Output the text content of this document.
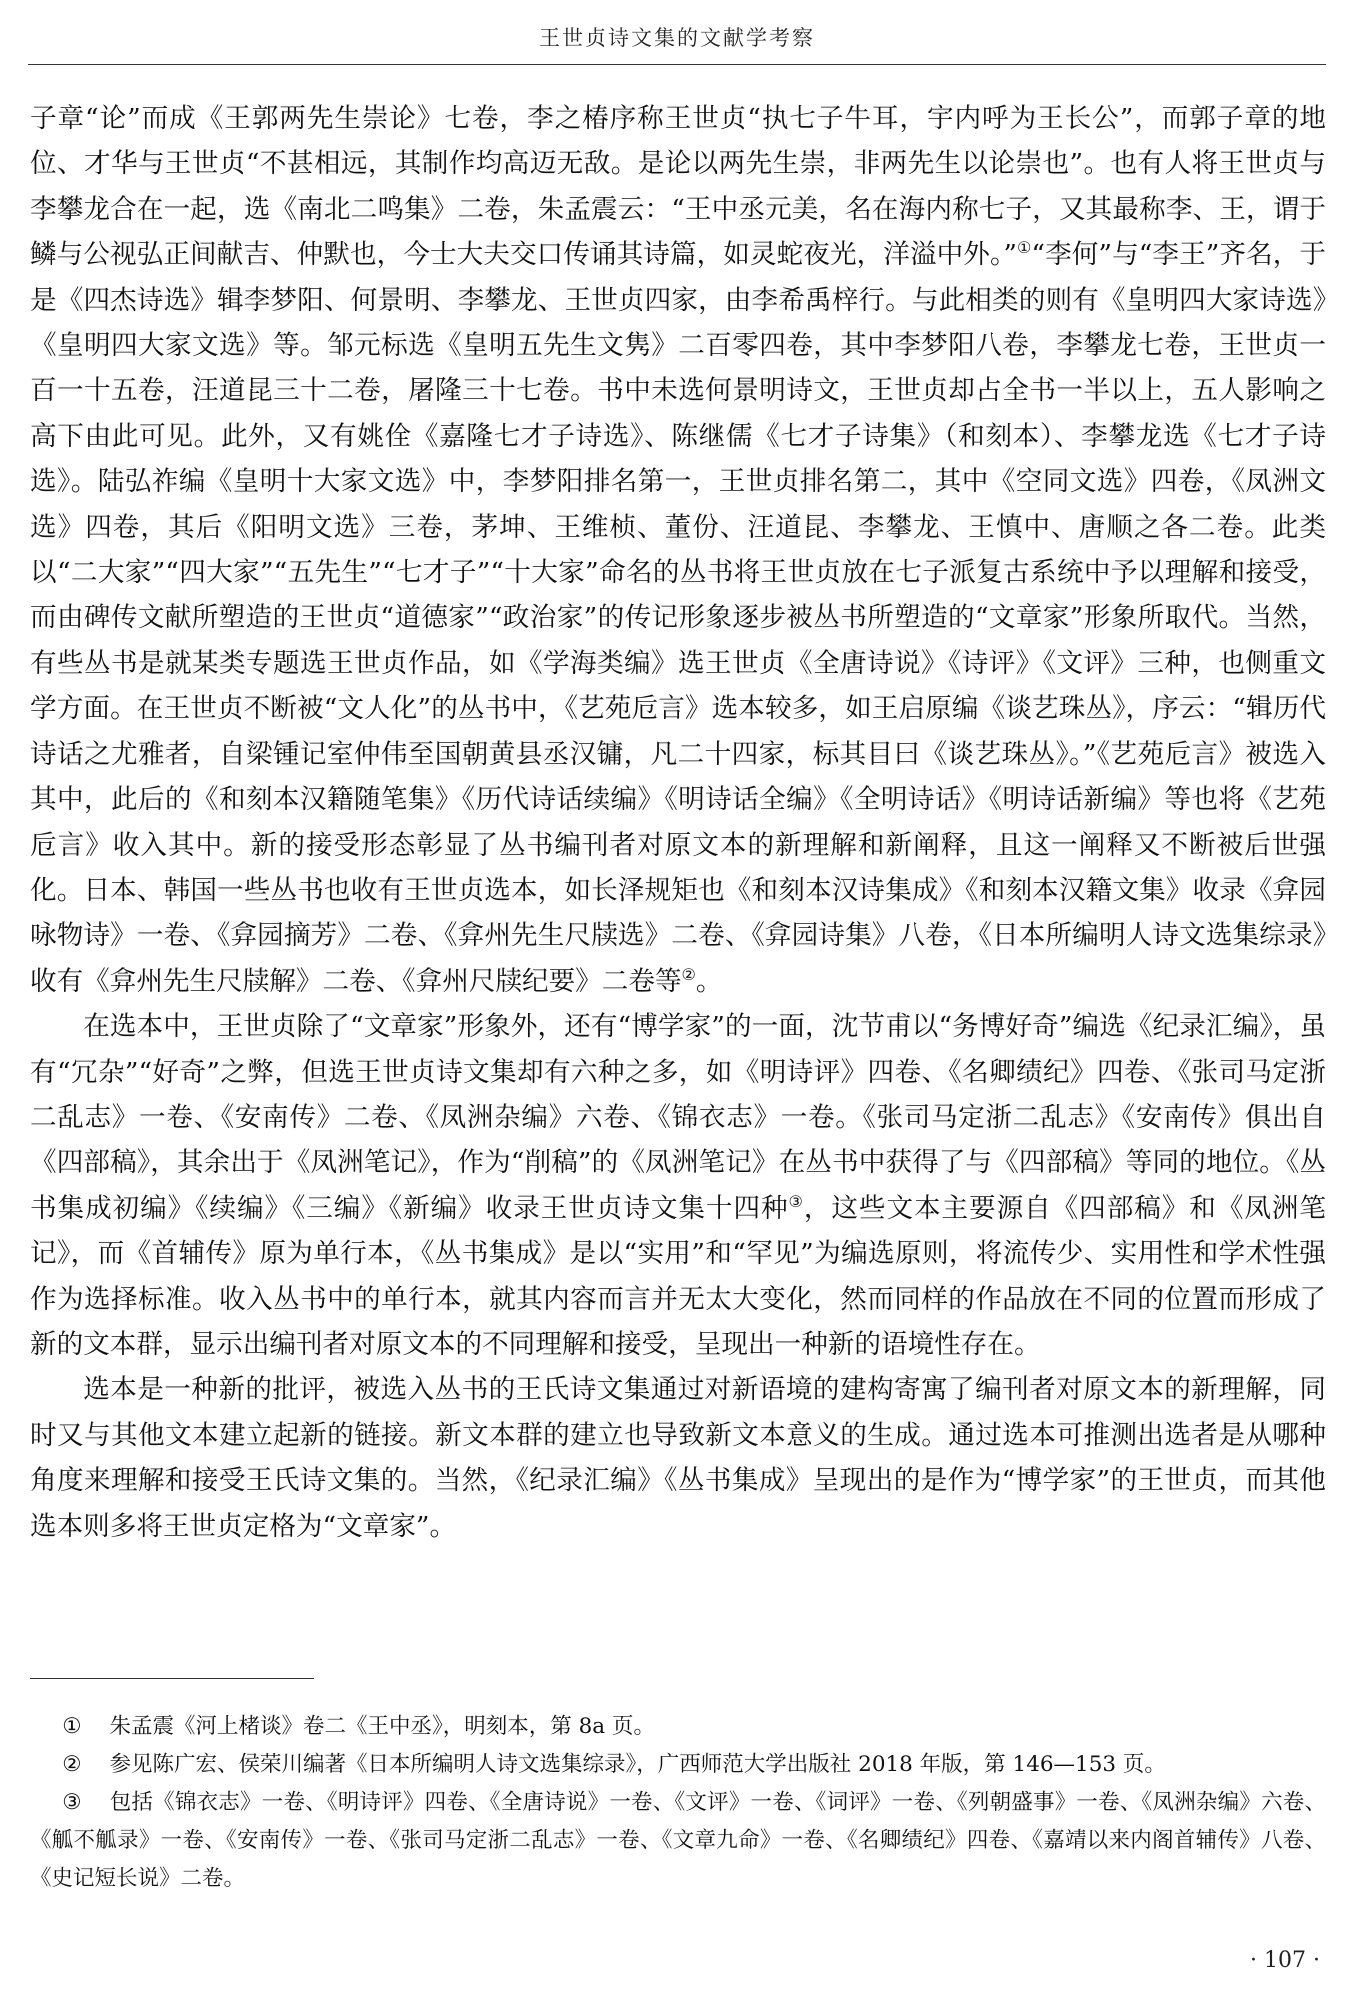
王世贞诗文集的文献学考察

子章“论”而成《王郭两先生崇论》七卷，李之椿序称王世贞“执七子牛耳，宇内呼为王长公”，而郭子章的地位、才华与王世贞“不甚相远，其制作均高迈无敌。是论以两先生崇，非两先生以论崇也”。也有人将王世贞与李攀龙合在一起，选《南北二鸣集》二卷，朱孟震云：“王中丞元美，名在海内称七子，又其最称李、王，谓于鳞与公视弘正间献吉、仲默也，今士大夫交口传诵其诗篇，如灵蛇夜光，洋溢中外。”①“李何”与“李王”齐名，于是《四杰诗选》辑李梦阳、何景明、李攀龙、王世贞四家，由李希禹梓行。与此相类的则有《皇明四大家诗选》《皇明四大家文选》等。邹元标选《皇明五先生文隽》二百零四卷，其中李梦阳八卷，李攀龙七卷，王世贞一百一十五卷，汪道昆三十二卷，屠隆三十七卷。书中未选何景明诗文，王世贞却占全书一半以上，五人影响之高下由此可见。此外，又有姚佺《嘉隆七才子诗选》、陈继儒《七才子诗集》（和刻本）、李攀龙选《七才子诗选》。陆弘祚编《皇明十大家文选》中，李梦阳排名第一，王世贞排名第二，其中《空同文选》四卷，《凤洲文选》四卷，其后《阳明文选》三卷，茅坤、王维桢、董份、汪道昆、李攀龙、王慎中、唐顺之各二卷。此类以“二大家”“四大家”“五先生”“七才子”“十大家”命名的丛书将王世贞放在七子派复古系统中予以理解和接受，而由碑传文献所塑造的王世贞“道德家”“政治家”的传记形象逐步被丛书所塑造的“文章家”形象所取代。当然，有些丛书是就某类专题选王世贞作品，如《学海类编》选王世贞《全唐诗说》《诗评》《文评》三种，也侧重文学方面。在王世贞不断被“文人化”的丛书中，《艺苑卮言》选本较多，如王启原编《谈艺珠丛》，序云：“辑历代诗话之尤雅者，自梁锺记室仲伟至国朝黄县丞汉镛，凡二十四家，标其目曰《谈艺珠丛》。”《艺苑卮言》被选入其中，此后的《和刻本汉籍随笔集》《历代诗话续编》《明诗话全编》《全明诗话》《明诗话新编》等也将《艺苑卮言》收入其中。新的接受形态彰显了丛书编刊者对原文本的新理解和新阐释，且这一阐释又不断被后世强化。日本、韩国一些丛书也收有王世贞选本，如长泽规矩也《和刻本汉诗集成》《和刻本汉籍文集》收录《弇园咏物诗》一卷、《弇园摘芳》二卷、《弇州先生尺牍选》二卷、《弇园诗集》八卷，《日本所编明人诗文选集综录》收有《弇州先生尺牍解》二卷、《弇州尺牍纪要》二卷等②。

在选本中，王世贞除了“文章家”形象外，还有“博学家”的一面，沈节甫以“务博好奇”编选《纪录汇编》，虽有“冗杂”“好奇”之弊，但选王世贞诗文集却有六种之多，如《明诗评》四卷、《名卿绩纪》四卷、《张司马定浙二乱志》一卷、《安南传》二卷、《凤洲杂编》六卷、《锦衣志》一卷。《张司马定浙二乱志》《安南传》俱出自《四部稿》，其余出于《凤洲笔记》，作为“削稿”的《凤洲笔记》在丛书中获得了与《四部稿》等同的地位。《丛书集成初编》《续编》《三编》《新编》收录王世贞诗文集十四种③，这些文本主要源自《四部稿》和《凤洲笔记》，而《首辅传》原为单行本，《丛书集成》是以“实用”和“罕见”为编选原则，将流传少、实用性和学术性强作为选择标准。收入丛书中的单行本，就其内容而言并无太大变化，然而同样的作品放在不同的位置而形成了新的文本群，显示出编刊者对原文本的不同理解和接受，呈现出一种新的语境性存在。

选本是一种新的批评，被选入丛书的王氏诗文集通过对新语境的建构寄寓了编刊者对原文本的新理解，同时又与其他文本建立起新的链接。新文本群的建立也导致新文本意义的生成。通过选本可推测出选者是从哪种角度来理解和接受王氏诗文集的。当然，《纪录汇编》《丛书集成》呈现出的是作为“博学家”的王世贞，而其他选本则多将王世贞定格为“文章家”。

① 朱孟震《河上楮谈》卷二《王中丞》，明刻本，第 8a 页。

② 参见陈广宏、侯荣川编著《日本所编明人诗文选集综录》，广西师范大学出版社 2018 年版，第 146—153 页。

③ 包括《锦衣志》一卷、《明诗评》四卷、《全唐诗说》一卷、《文评》一卷、《词评》一卷、《列朝盛事》一卷、《凤洲杂编》六卷、《觚不觚录》一卷、《安南传》一卷、《张司马定浙二乱志》一卷、《文章九命》一卷、《名卿绩纪》四卷、《嘉靖以来内阁首辅传》八卷、《史记短长说》二卷。

· 107 ·
